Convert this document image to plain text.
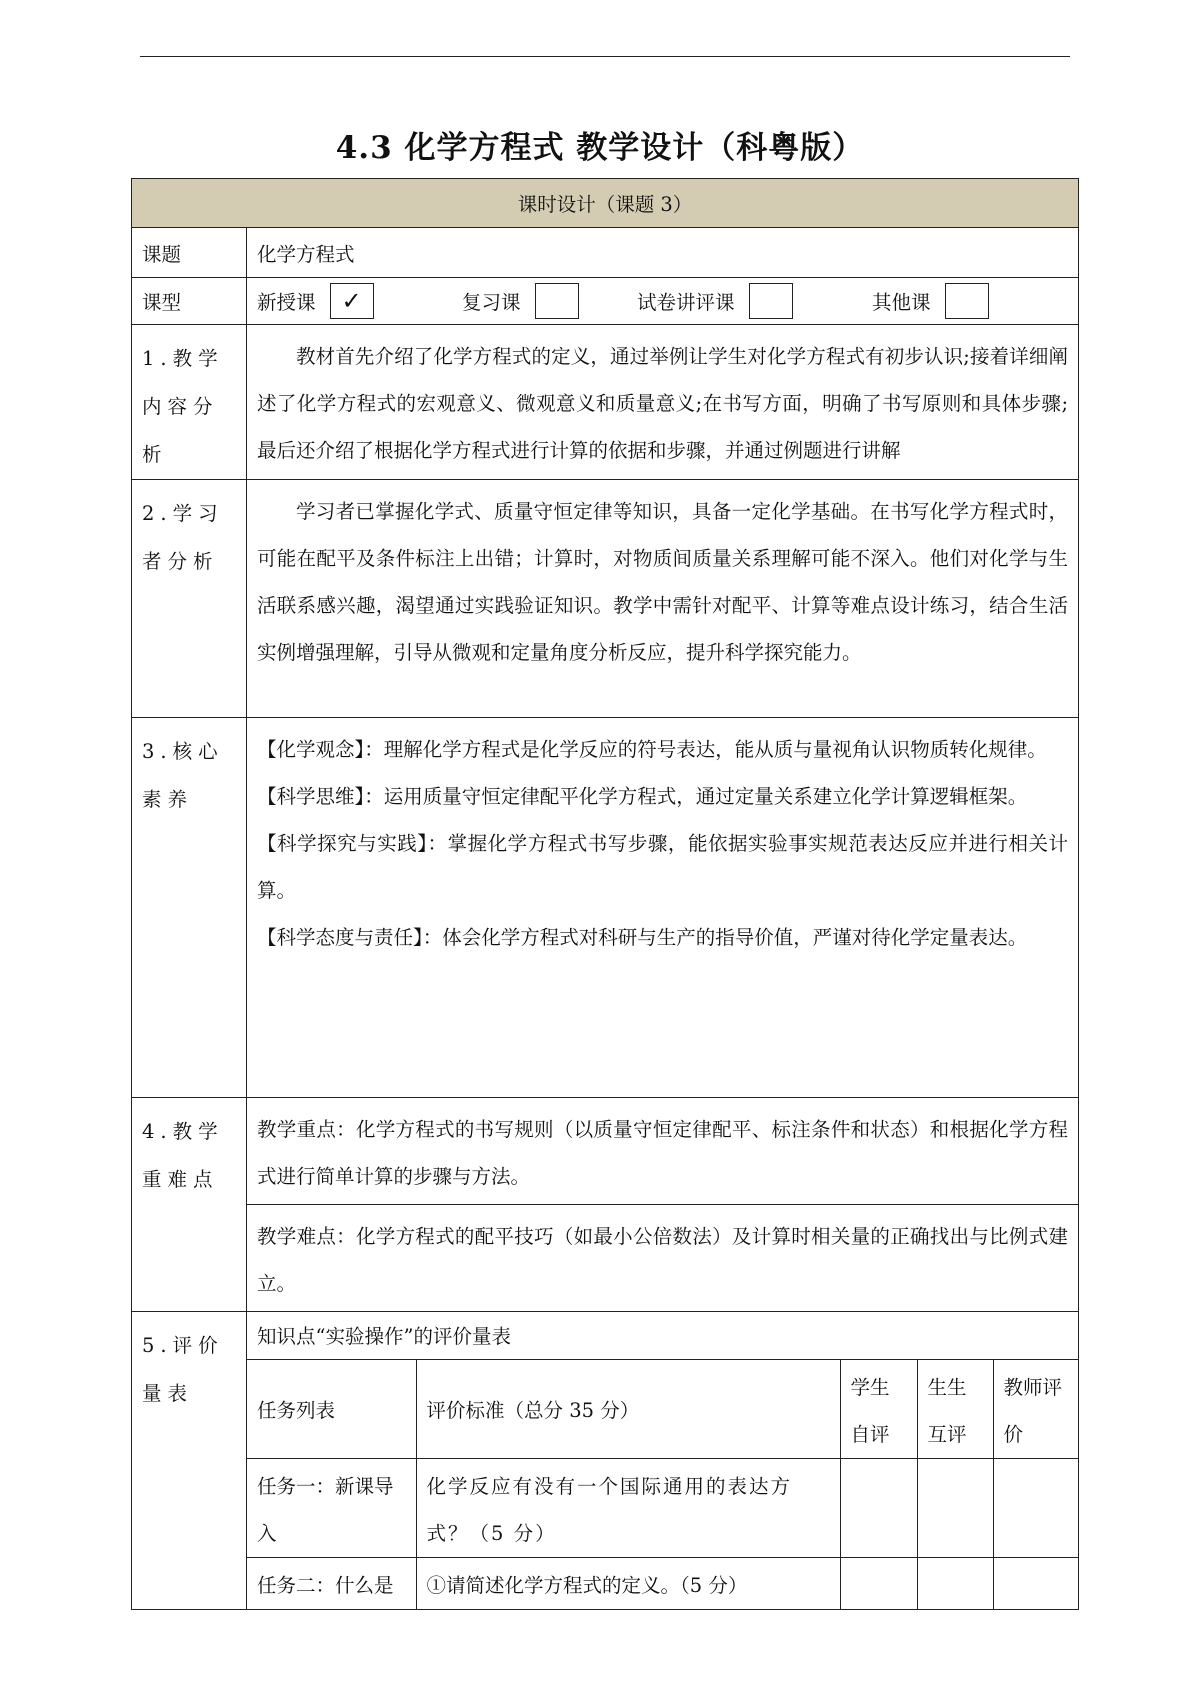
4.3 化学方程式 教学设计（科粤版）
课时设计（课题 3）
课题	化学方程式
课型	新授课	✓	复习课	试卷讲评课	其他课

1.教学内容分析	

教材首先介绍了化学方程式的定义，通过举例让学生对化学方程式有初步认识;接着详细阐述了化学方程式的宏观意义、微观意义和质量意义;在书写方面，明确了书写原则和具体步骤;最后还介绍了根据化学方程式进行计算的依据和步骤，并通过例题进行讲解

2.学习者分析	

学习者已掌握化学式、质量守恒定律等知识，具备一定化学基础。在书写化学方程式时，可能在配平及条件标注上出错；计算时，对物质间质量关系理解可能不深入。他们对化学与生活联系感兴趣，渴望通过实践验证知识。教学中需针对配平、计算等难点设计练习，结合生活实例增强理解，引导从微观和定量角度分析反应，提升科学探究能力。

3.核心素养	

【化学观念】：理解化学方程式是化学反应的符号表达，能从质与量视角认识物质转化规律。

【科学思维】：运用质量守恒定律配平化学方程式，通过定量关系建立化学计算逻辑框架。

【科学探究与实践】：掌握化学方程式书写步骤，能依据实验事实规范表达反应并进行相关计算。

【科学态度与责任】：体会化学方程式对科研与生产的指导价值，严谨对待化学定量表达。

4.教学重难点	

教学重点：化学方程式的书写规则（以质量守恒定律配平、标注条件和状态）和根据化学方程式进行简单计算的步骤与方法。

教学难点：化学方程式的配平技巧（如最小公倍数法）及计算时相关量的正确找出与比例式建立。

5.评价量表	
知识点“实验操作”的评价量表
任务列表	评价标准（总分 35 分）	学生自评	生生互评	教师评价
任务一：新课导入	化学反应有没有一个国际通用的表达方式？（5 分）			
任务二：什么是	①请简述化学方程式的定义。（5 分）			
